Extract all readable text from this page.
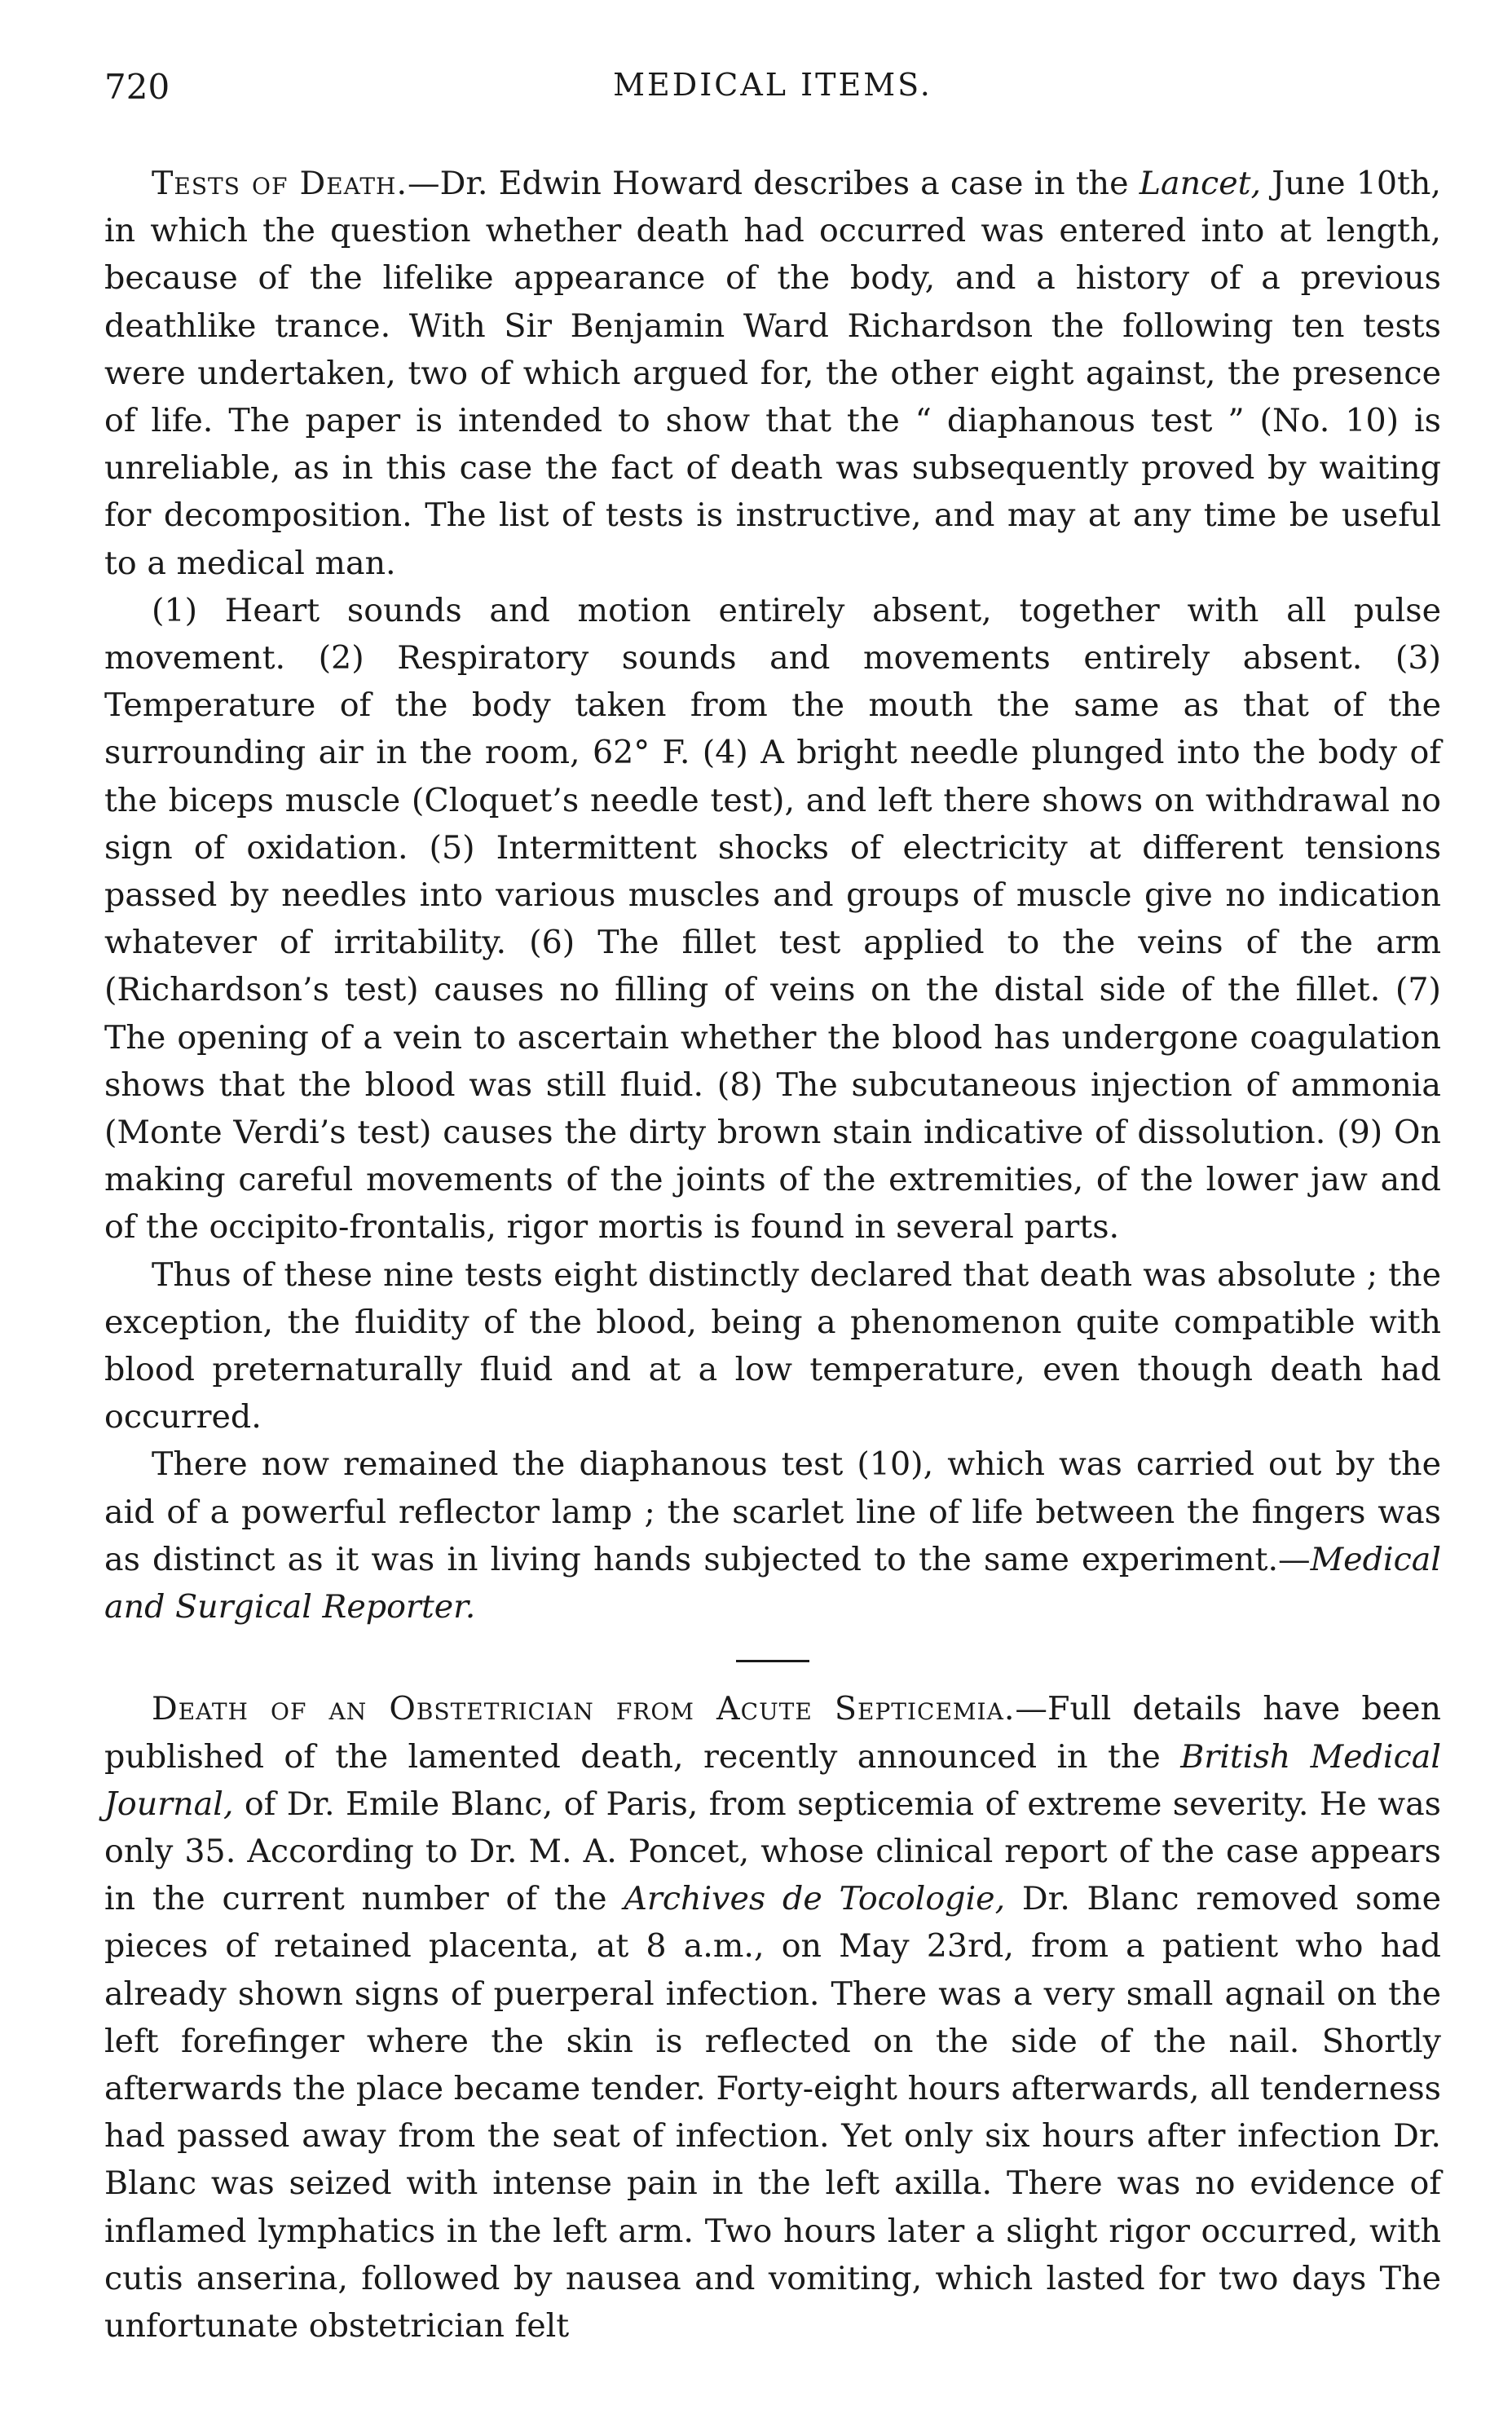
720	MEDICAL ITEMS.

Tests of Death.—Dr. Edwin Howard describes a case in the Lancet, June 10th, in which the question whether death had occurred was entered into at length, because of the lifelike appearance of the body, and a history of a previous deathlike trance. With Sir Benjamin Ward Richardson the following ten tests were undertaken, two of which argued for, the other eight against, the presence of life. The paper is intended to show that the “ diaphanous test ” (No. 10) is unreliable, as in this case the fact of death was subsequently proved by waiting for decomposition. The list of tests is instructive, and may at any time be useful to a medical man.

(1) Heart sounds and motion entirely absent, together with all pulse movement. (2) Respiratory sounds and movements entirely absent. (3) Temperature of the body taken from the mouth the same as that of the surrounding air in the room, 62° F. (4) A bright needle plunged into the body of the biceps muscle (Cloquet’s needle test), and left there shows on withdrawal no sign of oxidation. (5) Intermittent shocks of electricity at different tensions passed by needles into various muscles and groups of muscle give no indication whatever of irritability. (6) The fillet test applied to the veins of the arm (Richardson’s test) causes no filling of veins on the distal side of the fillet. (7) The opening of a vein to ascertain whether the blood has undergone coagulation shows that the blood was still fluid. (8) The subcutaneous injection of ammonia (Monte Verdi’s test) causes the dirty brown stain indicative of dissolution. (9) On making careful movements of the joints of the extremities, of the lower jaw and of the occipito-frontalis, rigor mortis is found in several parts.

Thus of these nine tests eight distinctly declared that death was absolute ; the exception, the fluidity of the blood, being a phenomenon quite compatible with blood preternaturally fluid and at a low temperature, even though death had occurred.

There now remained the diaphanous test (10), which was carried out by the aid of a powerful reflector lamp ; the scarlet line of life between the fingers was as distinct as it was in living hands subjected to the same experiment.—Medical and Surgical Reporter.

Death of an Obstetrician from Acute Septicemia.—Full details have been published of the lamented death, recently announced in the British Medical Journal, of Dr. Emile Blanc, of Paris, from septicemia of extreme severity. He was only 35. According to Dr. M. A. Poncet, whose clinical report of the case appears in the current number of the Archives de Tocologie, Dr. Blanc removed some pieces of retained placenta, at 8 a.m., on May 23rd, from a patient who had already shown signs of puerperal infection. There was a very small agnail on the left forefinger where the skin is reflected on the side of the nail. Shortly afterwards the place became tender. Forty-eight hours afterwards, all tenderness had passed away from the seat of infection. Yet only six hours after infection Dr. Blanc was seized with intense pain in the left axilla. There was no evidence of inflamed lymphatics in the left arm. Two hours later a slight rigor occurred, with cutis anserina, followed by nausea and vomiting, which lasted for two days The unfortunate obstetrician felt
